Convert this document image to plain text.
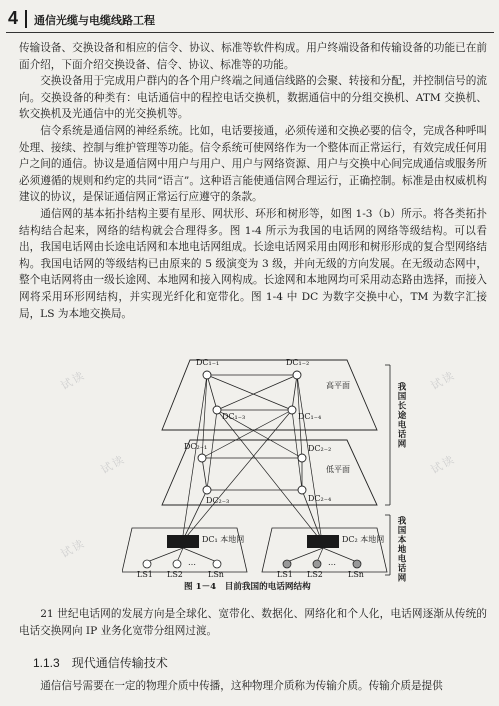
4 通信光缆与电缆线路工程
试读
试读
试读
试读
试读

传输设备、交换设备和相应的信令、协议、标准等软件构成。用户终端设备和传输设备的功能已在前面介绍，下面介绍交换设备、信令、协议、标准等的功能。

交换设备用于完成用户群内的各个用户终端之间通信线路的会聚、转接和分配，并控制信号的流向。交换设备的种类有：电话通信中的程控电话交换机，数据通信中的分组交换机、ATM 交换机、软交换机及光通信中的光交换机等。

信令系统是通信网的神经系统。比如，电话要接通，必须传递和交换必要的信令，完成各种呼叫处理、接续、控制与维护管理等功能。信令系统可使网络作为一个整体而正常运行，有效完成任何用户之间的通信。协议是通信网中用户与用户、用户与网络资源、用户与交换中心间完成通信或服务所必须遵循的规则和约定的共同“语言”。这种语言能使通信网合理运行，正确控制。标准是由权威机构建议的协议，是保证通信网正常运行应遵守的条款。

通信网的基本拓扑结构主要有星形、网状形、环形和树形等，如图 1-3（b）所示。将各类拓扑结构结合起来，网络的结构就会合理得多。图 1-4 所示为我国的电话网的网络等级结构。可以看出，我国电话网由长途电话网和本地电话网组成。长途电话网采用由网形和树形形成的复合型网络结构。我国电话网的等级结构已由原来的 5 级演变为 3 级，并向无级的方向发展。在无级动态网中，整个电话网将由一级长途网、本地网和接入网构成。长途网和本地网均可采用动态路由选择，而接入网将采用环形网结构，并实现光纤化和宽带化。图 1-4 中 DC 为数字交换中心，TM 为数字汇接局，LS 为本地交换局。

DC₁₋₁	DC₁₋₂
DC₁₋₃	DC₁₋₄
DC₂₋₁	DC₂₋₂
DC₂₋₃	DC₂₋₄
高平面
低平面
DC₁ 本地网	DC₂ 本地网
…	…
LS1 LS2	LSn	LS1 LS2	LSn
我国长途电话网
我国本地电话网
图 1－4　目前我国的电话网结构

21 世纪电话网的发展方向是全球化、宽带化、数据化、网络化和个人化，电话网逐渐从传统的电话交换网向 IP 业务化宽带分组网过渡。

1.1.3 现代通信传输技术

通信信号需要在一定的物理介质中传播，这种物理介质称为传输介质。传输介质是提供
